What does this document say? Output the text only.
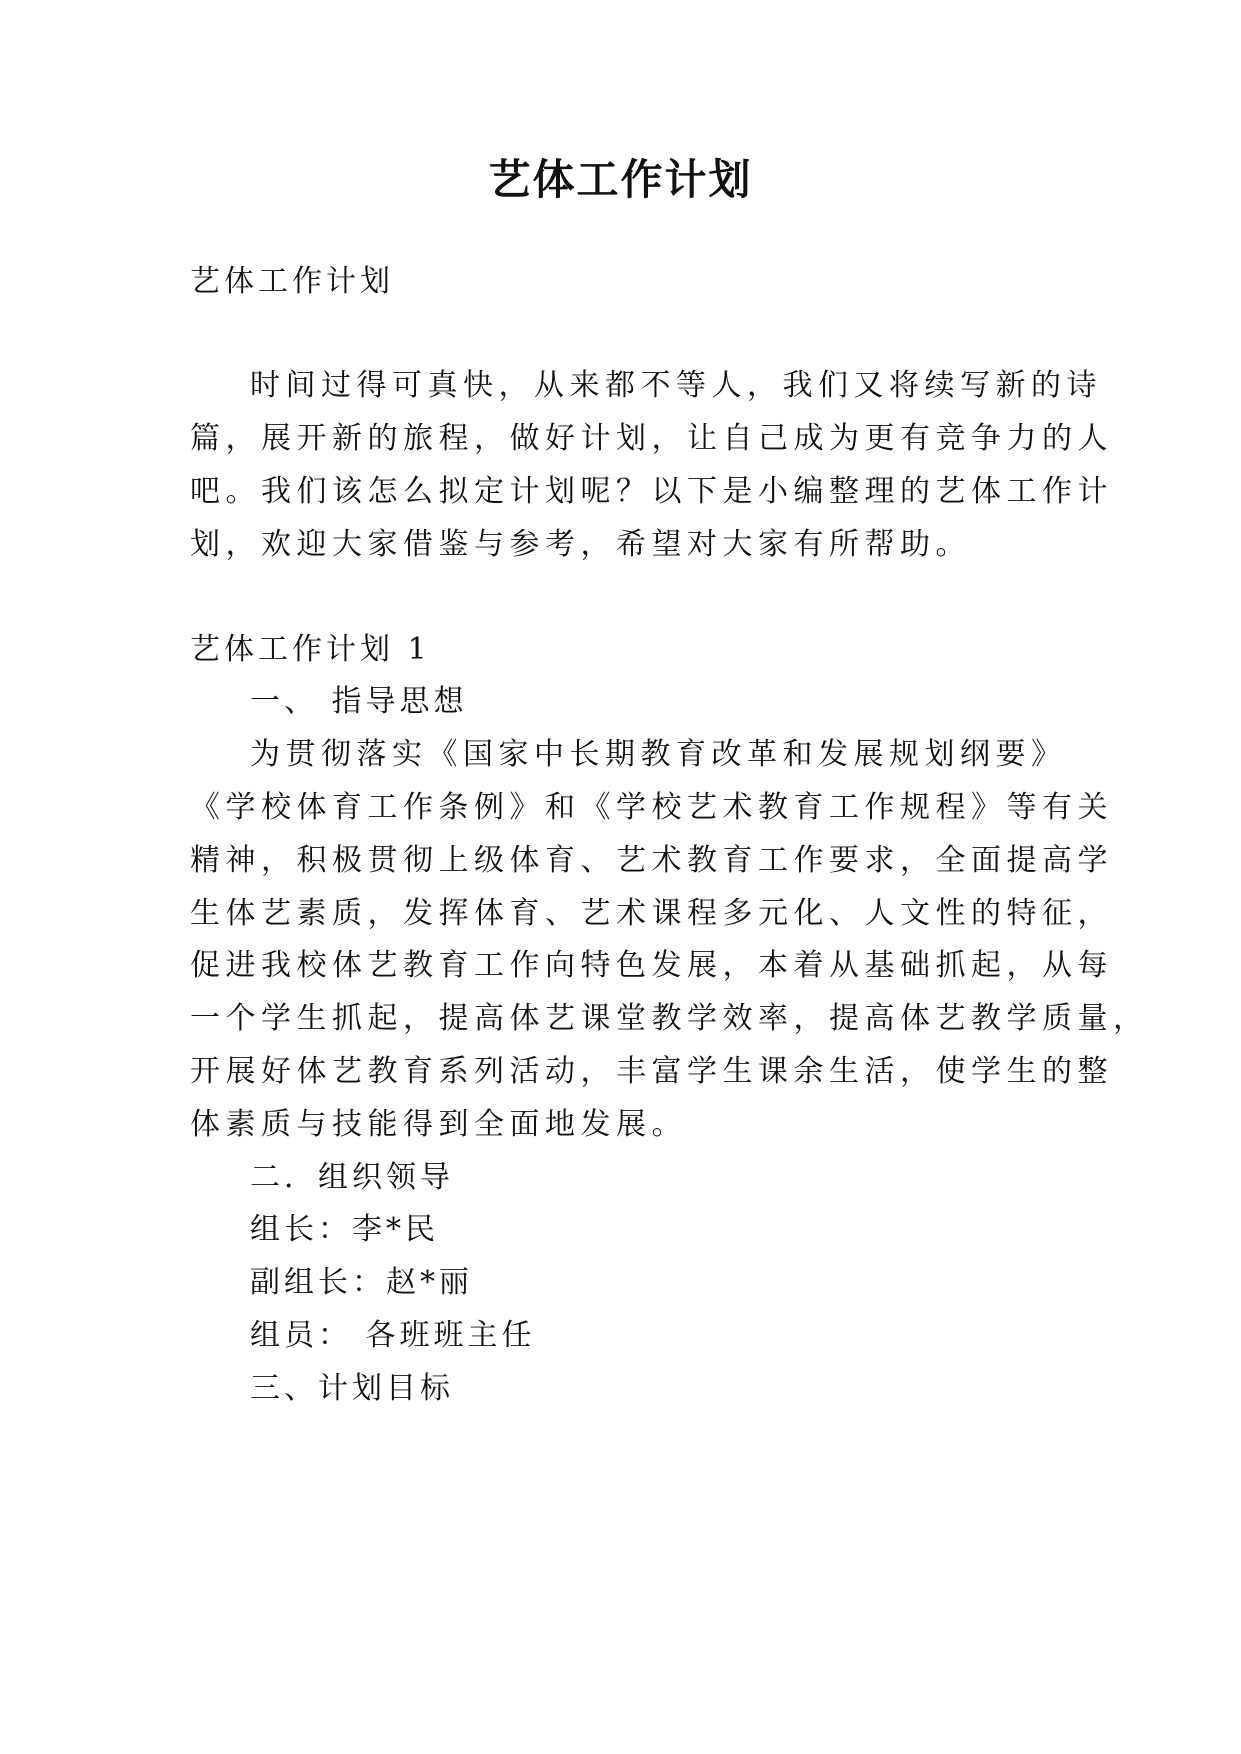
艺体工作计划
艺体工作计划
时间过得可真快，从来都不等人，我们又将续写新的诗
篇，展开新的旅程，做好计划，让自己成为更有竞争力的人
吧。我们该怎么拟定计划呢？以下是小编整理的艺体工作计
划，欢迎大家借鉴与参考，希望对大家有所帮助。
艺体工作计划 1
一、 指导思想
为贯彻落实《国家中长期教育改革和发展规划纲要》
《学校体育工作条例》和《学校艺术教育工作规程》等有关
精神，积极贯彻上级体育、艺术教育工作要求，全面提高学
生体艺素质，发挥体育、艺术课程多元化、人文性的特征，
促进我校体艺教育工作向特色发展，本着从基础抓起，从每
一个学生抓起，提高体艺课堂教学效率，提高体艺教学质量，
开展好体艺教育系列活动，丰富学生课余生活，使学生的整
体素质与技能得到全面地发展。
二．组织领导
组长：李*民
副组长：赵*丽
组员： 各班班主任
三、计划目标
